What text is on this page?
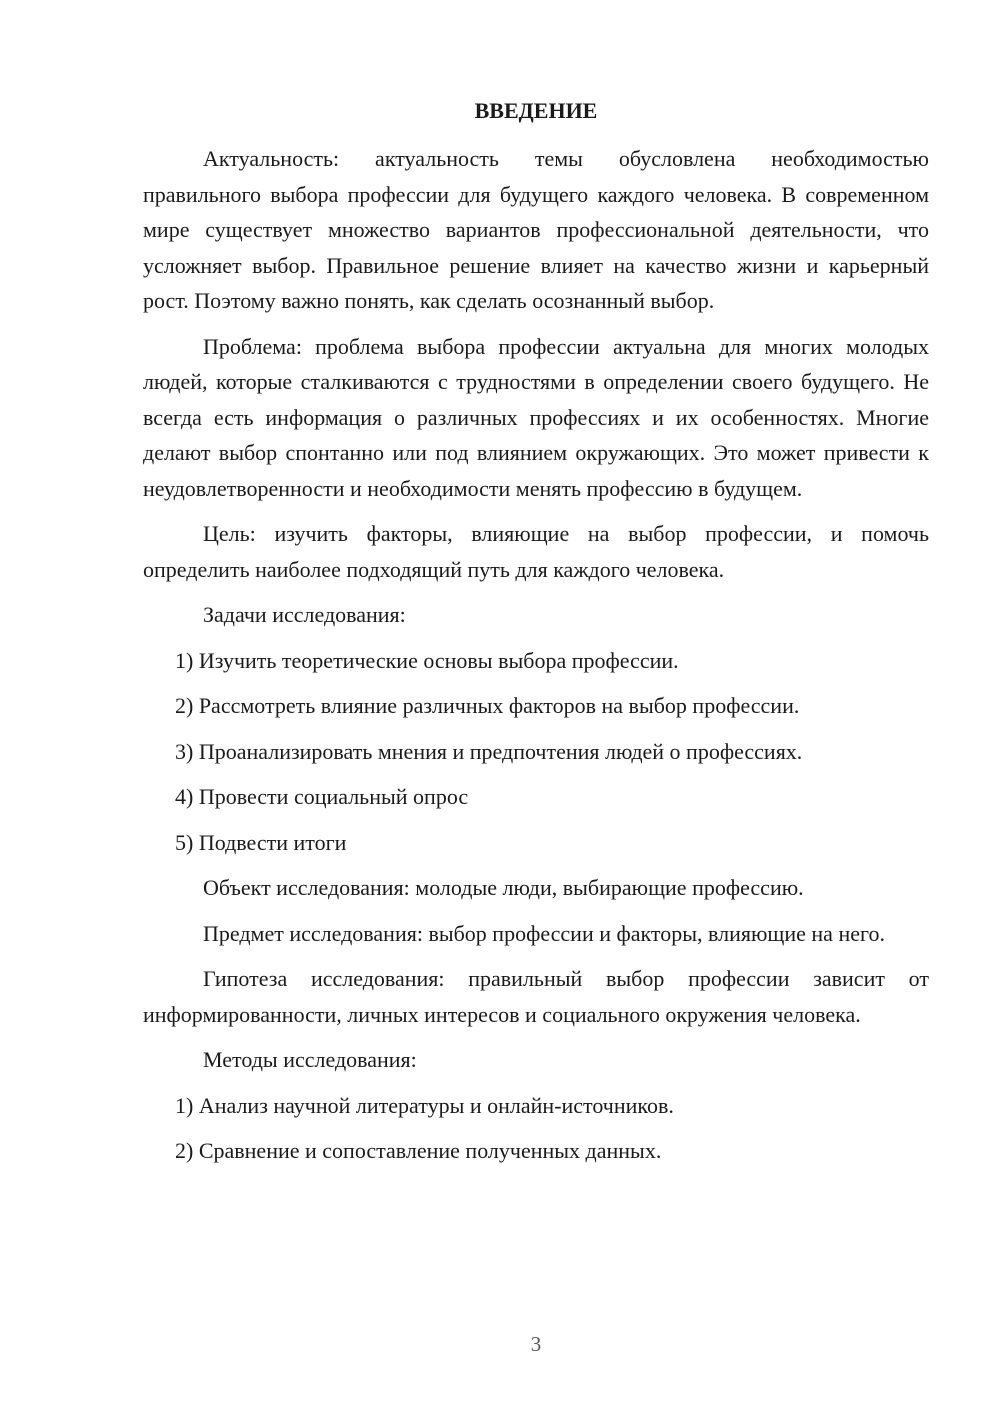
ВВЕДЕНИЕ

Актуальность: актуальность темы обусловлена необходимостью правильного выбора профессии для будущего каждого человека. В современном мире существует множество вариантов профессиональной деятельности, что усложняет выбор. Правильное решение влияет на качество жизни и карьерный рост. Поэтому важно понять, как сделать осознанный выбор.

Проблема: проблема выбора профессии актуальна для многих молодых людей, которые сталкиваются с трудностями в определении своего будущего. Не всегда есть информация о различных профессиях и их особенностях. Многие делают выбор спонтанно или под влиянием окружающих. Это может привести к неудовлетворенности и необходимости менять профессию в будущем.

Цель: изучить факторы, влияющие на выбор профессии, и помочь определить наиболее подходящий путь для каждого человека.

Задачи исследования:

1) Изучить теоретические основы выбора профессии.

2) Рассмотреть влияние различных факторов на выбор профессии.

3) Проанализировать мнения и предпочтения людей о профессиях.

4) Провести социальный опрос

5) Подвести итоги

Объект исследования: молодые люди, выбирающие профессию.

Предмет исследования: выбор профессии и факторы, влияющие на него.

Гипотеза исследования: правильный выбор профессии зависит от информированности, личных интересов и социального окружения человека.

Методы исследования:

1) Анализ научной литературы и онлайн-источников.

2) Сравнение и сопоставление полученных данных.

3
